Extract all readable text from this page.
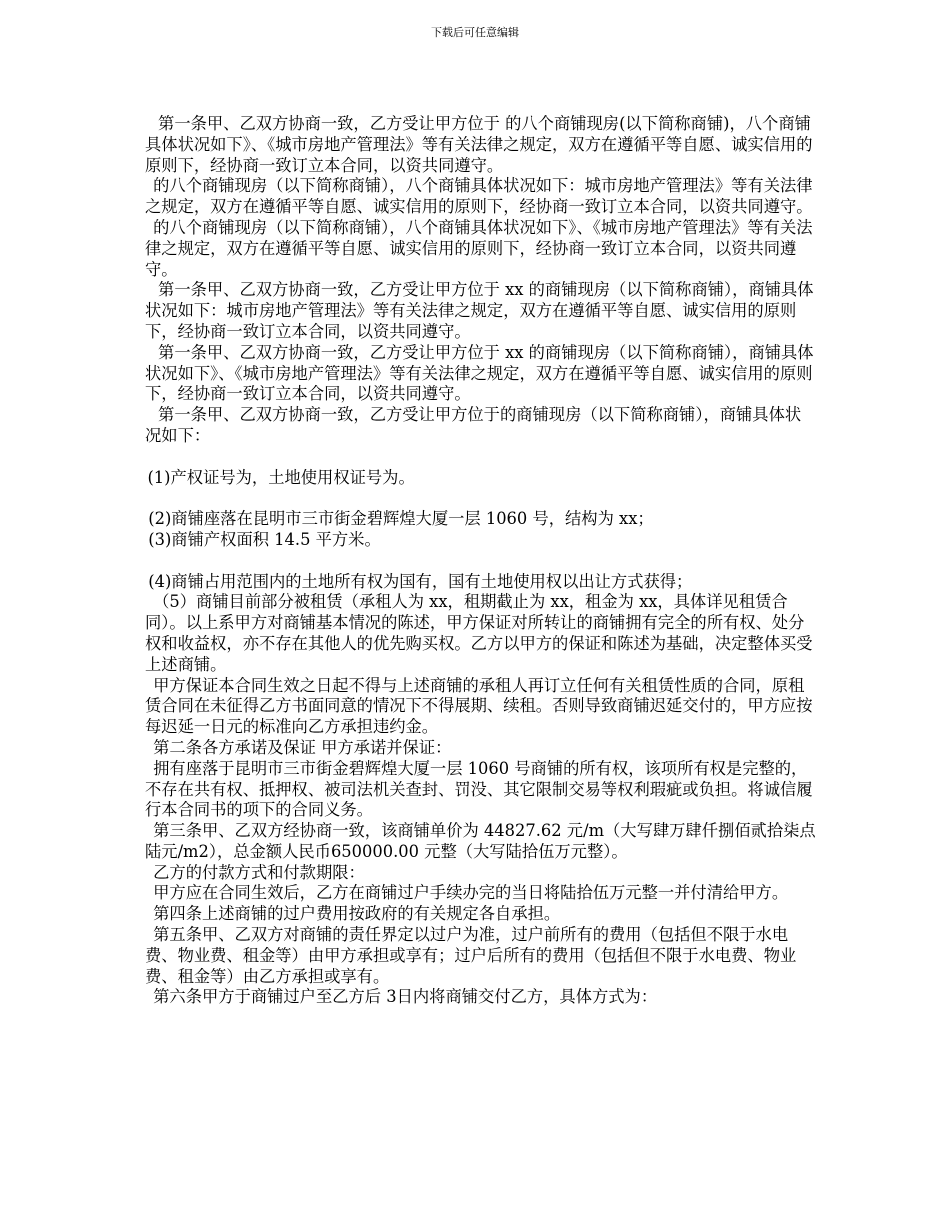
下载后可任意编辑

第一条甲、乙双方协商一致，乙方受让甲方位于 的八个商铺现房(以下简称商铺)，八个商铺具体状况如下》、《城市房地产管理法》等有关法律之规定，双方在遵循平等自愿、诚实信用的原则下，经协商一致订立本合同，以资共同遵守。

的八个商铺现房（以下简称商铺），八个商铺具体状况如下：城市房地产管理法》等有关法律之规定，双方在遵循平等自愿、诚实信用的原则下，经协商一致订立本合同，以资共同遵守。

的八个商铺现房（以下简称商铺），八个商铺具体状况如下》、《城市房地产管理法》等有关法律之规定，双方在遵循平等自愿、诚实信用的原则下，经协商一致订立本合同，以资共同遵守。

第一条甲、乙双方协商一致，乙方受让甲方位于 xx 的商铺现房（以下简称商铺），商铺具体状况如下：城市房地产管理法》等有关法律之规定，双方在遵循平等自愿、诚实信用的原则下，经协商一致订立本合同，以资共同遵守。

第一条甲、乙双方协商一致，乙方受让甲方位于 xx 的商铺现房（以下简称商铺），商铺具体状况如下》、《城市房地产管理法》等有关法律之规定，双方在遵循平等自愿、诚实信用的原则下，经协商一致订立本合同，以资共同遵守。

第一条甲、乙双方协商一致，乙方受让甲方位于的商铺现房（以下简称商铺），商铺具体状况如下：

(1)产权证号为，土地使用权证号为。

(2)商铺座落在昆明市三市街金碧辉煌大厦一层 1060 号，结构为 xx；

(3)商铺产权面积 14.5 平方米。

(4)商铺占用范围内的土地所有权为国有，国有土地使用权以出让方式获得；

（5）商铺目前部分被租赁（承租人为 xx，租期截止为 xx，租金为 xx，具体详见租赁合同）。以上系甲方对商铺基本情况的陈述，甲方保证对所转让的商铺拥有完全的所有权、处分权和收益权，亦不存在其他人的优先购买权。乙方以甲方的保证和陈述为基础，决定整体买受上述商铺。

甲方保证本合同生效之日起不得与上述商铺的承租人再订立任何有关租赁性质的合同，原租赁合同在未征得乙方书面同意的情况下不得展期、续租。否则导致商铺迟延交付的，甲方应按每迟延一日元的标准向乙方承担违约金。

第二条各方承诺及保证 甲方承诺并保证：

拥有座落于昆明市三市街金碧辉煌大厦一层 1060 号商铺的所有权，该项所有权是完整的，不存在共有权、抵押权、被司法机关查封、罚没、其它限制交易等权利瑕疵或负担。将诚信履行本合同书的项下的合同义务。

第三条甲、乙双方经协商一致，该商铺单价为 44827.62 元/m（大写肆万肆仟捌佰贰拾柒点陆元/m2），总金额人民币650000.00 元整（大写陆拾伍万元整）。

乙方的付款方式和付款期限：

甲方应在合同生效后，乙方在商铺过户手续办完的当日将陆拾伍万元整一并付清给甲方。

第四条上述商铺的过户费用按政府的有关规定各自承担。

第五条甲、乙双方对商铺的责任界定以过户为准，过户前所有的费用（包括但不限于水电费、物业费、租金等）由甲方承担或享有；过户后所有的费用（包括但不限于水电费、物业费、租金等）由乙方承担或享有。

第六条甲方于商铺过户至乙方后 3日内将商铺交付乙方，具体方式为：
